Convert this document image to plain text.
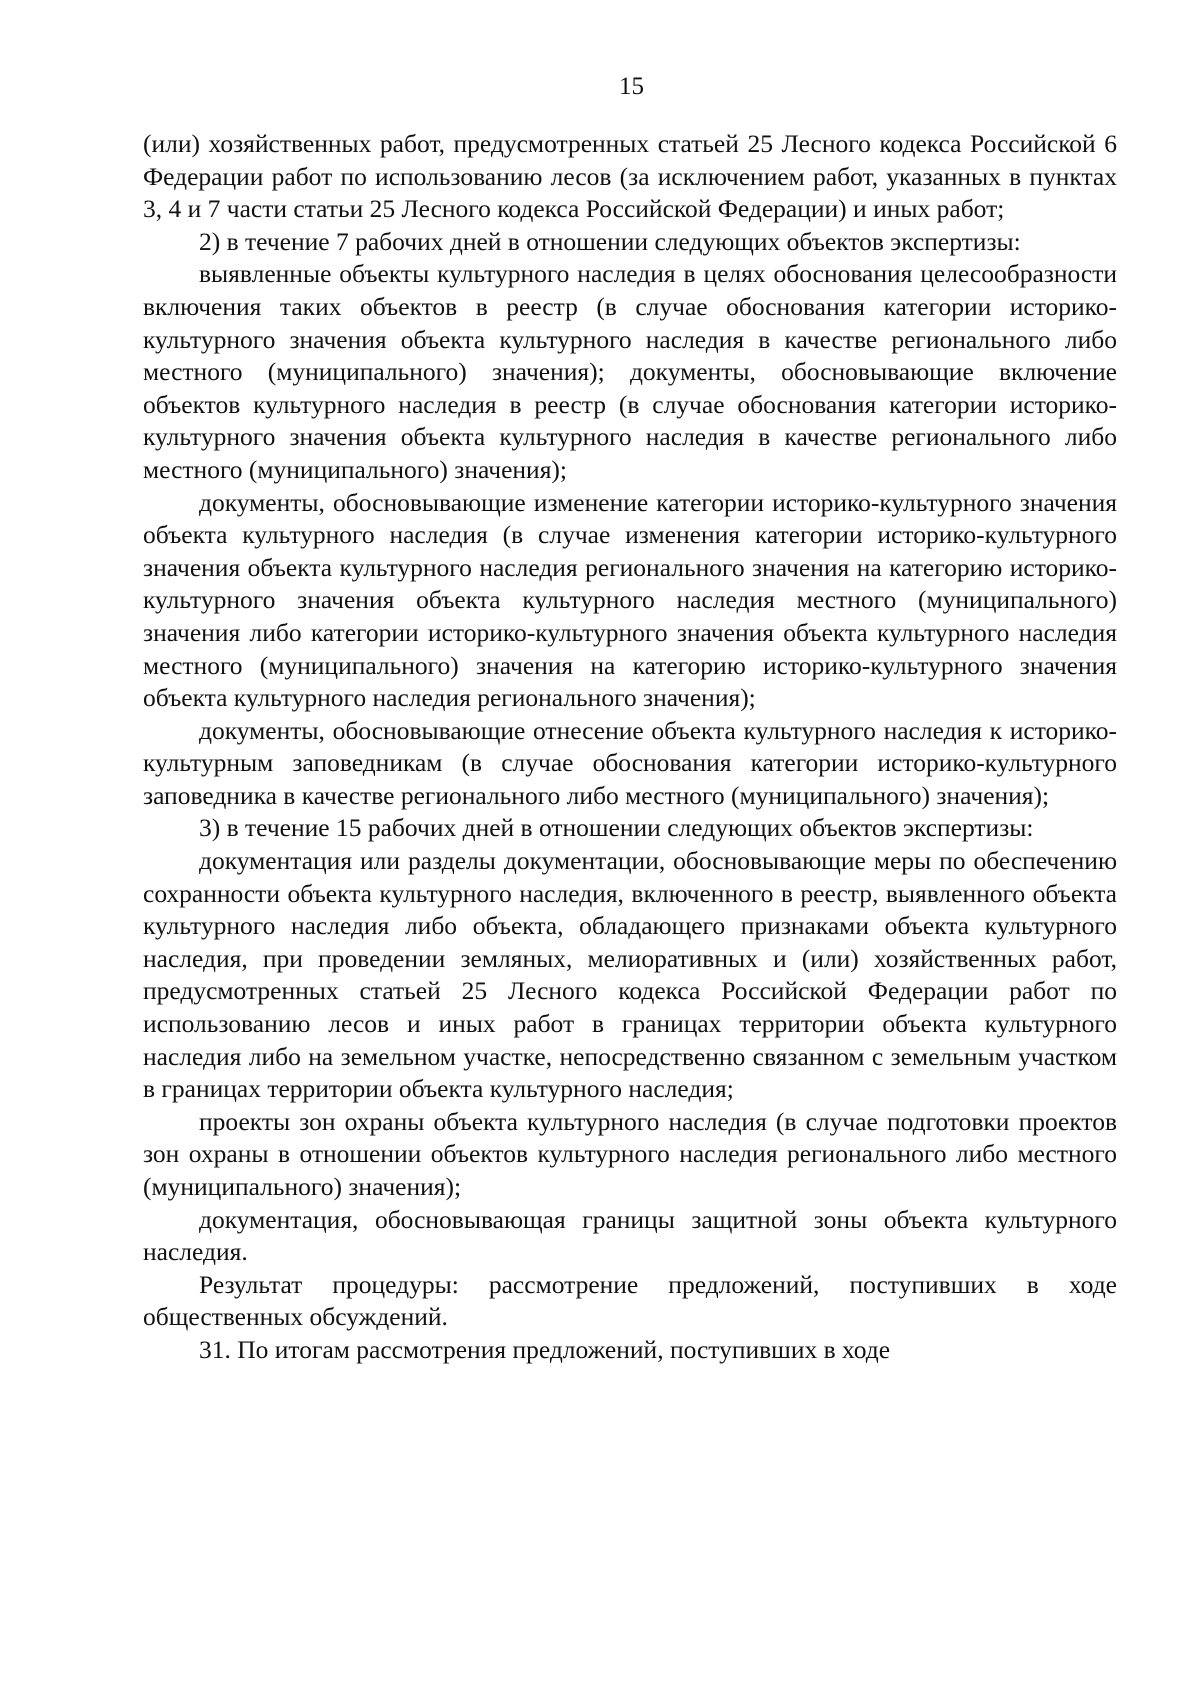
15

(или) хозяйственных работ, предусмотренных статьей 25 Лесного кодекса Российской 6 Федерации работ по использованию лесов (за исключением работ, указанных в пунктах 3, 4 и 7 части статьи 25 Лесного кодекса Российской Федерации) и иных работ;

2) в течение 7 рабочих дней в отношении следующих объектов экспертизы:

выявленные объекты культурного наследия в целях обоснования целесообразности включения таких объектов в реестр (в случае обоснования категории историко-культурного значения объекта культурного наследия в качестве регионального либо местного (муниципального) значения); документы, обосновывающие включение объектов культурного наследия в реестр (в случае обоснования категории историко-культурного значения объекта культурного наследия в качестве регионального либо местного (муниципального) значения);

документы, обосновывающие изменение категории историко-культурного значения объекта культурного наследия (в случае изменения категории историко-культурного значения объекта культурного наследия регионального значения на категорию историко-культурного значения объекта культурного наследия местного (муниципального) значения либо категории историко-культурного значения объекта культурного наследия местного (муниципального) значения на категорию историко-культурного значения объекта культурного наследия регионального значения);

документы, обосновывающие отнесение объекта культурного наследия к историко-культурным заповедникам (в случае обоснования категории историко-культурного заповедника в качестве регионального либо местного (муниципального) значения);

3) в течение 15 рабочих дней в отношении следующих объектов экспертизы:

документация или разделы документации, обосновывающие меры по обеспечению сохранности объекта культурного наследия, включенного в реестр, выявленного объекта культурного наследия либо объекта, обладающего признаками объекта культурного наследия, при проведении земляных, мелиоративных и (или) хозяйственных работ, предусмотренных статьей 25 Лесного кодекса Российской Федерации работ по использованию лесов и иных работ в границах территории объекта культурного наследия либо на земельном участке, непосредственно связанном с земельным участком в границах территории объекта культурного наследия;

проекты зон охраны объекта культурного наследия (в случае подготовки проектов зон охраны в отношении объектов культурного наследия регионального либо местного (муниципального) значения);

документация, обосновывающая границы защитной зоны объекта культурного наследия.

Результат процедуры: рассмотрение предложений, поступивших в ходе общественных обсуждений.

31. По итогам рассмотрения предложений, поступивших в ходе
